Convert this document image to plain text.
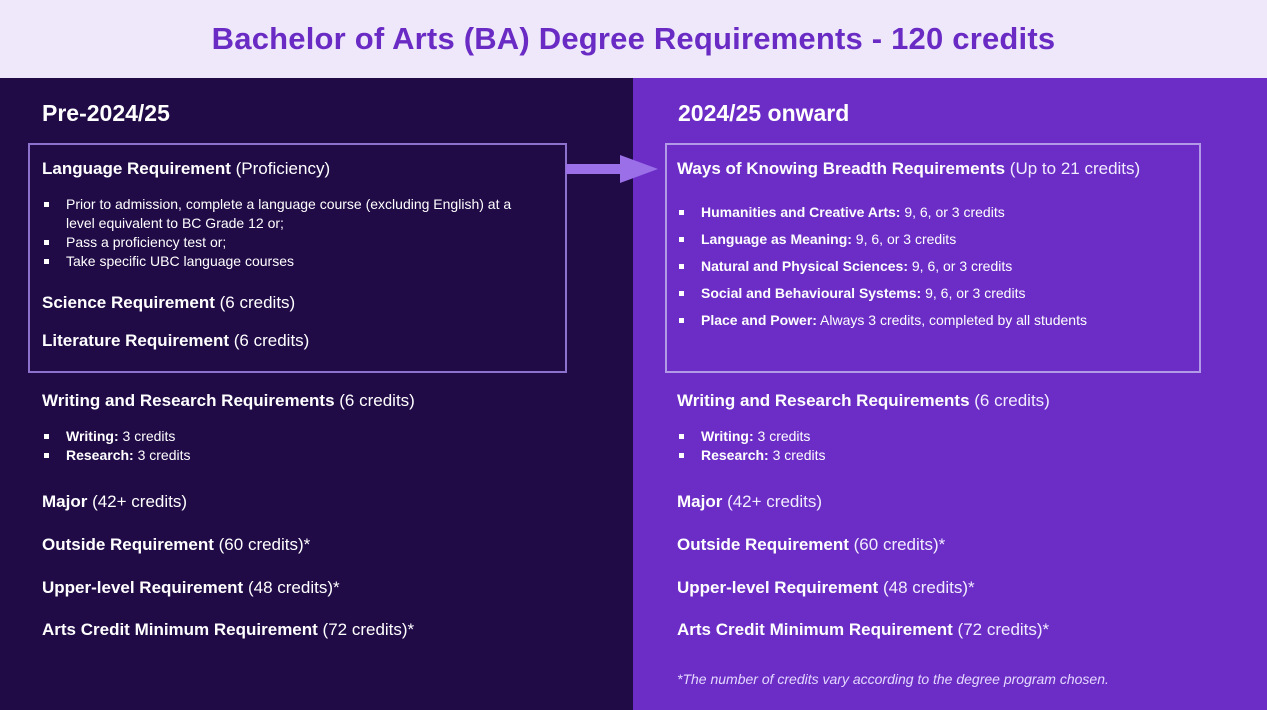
Bachelor of Arts (BA) Degree Requirements - 120 credits
Pre-2024/25
Language Requirement (Proficiency)
Prior to admission, complete a language course (excluding English) at a level equivalent to BC Grade 12 or;
Pass a proficiency test or;
Take specific UBC language courses
Science Requirement (6 credits)
Literature Requirement (6 credits)
Writing and Research Requirements (6 credits)
Writing: 3 credits
Research: 3 credits
Major (42+ credits)
Outside Requirement (60 credits)*
Upper-level Requirement (48 credits)*
Arts Credit Minimum Requirement (72 credits)*
2024/25 onward
Ways of Knowing Breadth Requirements (Up to 21 credits)
Humanities and Creative Arts: 9, 6, or 3 credits
Language as Meaning: 9, 6, or 3 credits
Natural and Physical Sciences: 9, 6, or 3 credits
Social and Behavioural Systems: 9, 6, or 3 credits
Place and Power: Always 3 credits, completed by all students
Writing and Research Requirements (6 credits)
Writing: 3 credits
Research: 3 credits
Major (42+ credits)
Outside Requirement (60 credits)*
Upper-level Requirement (48 credits)*
Arts Credit Minimum Requirement (72 credits)*
*The number of credits vary according to the degree program chosen.
